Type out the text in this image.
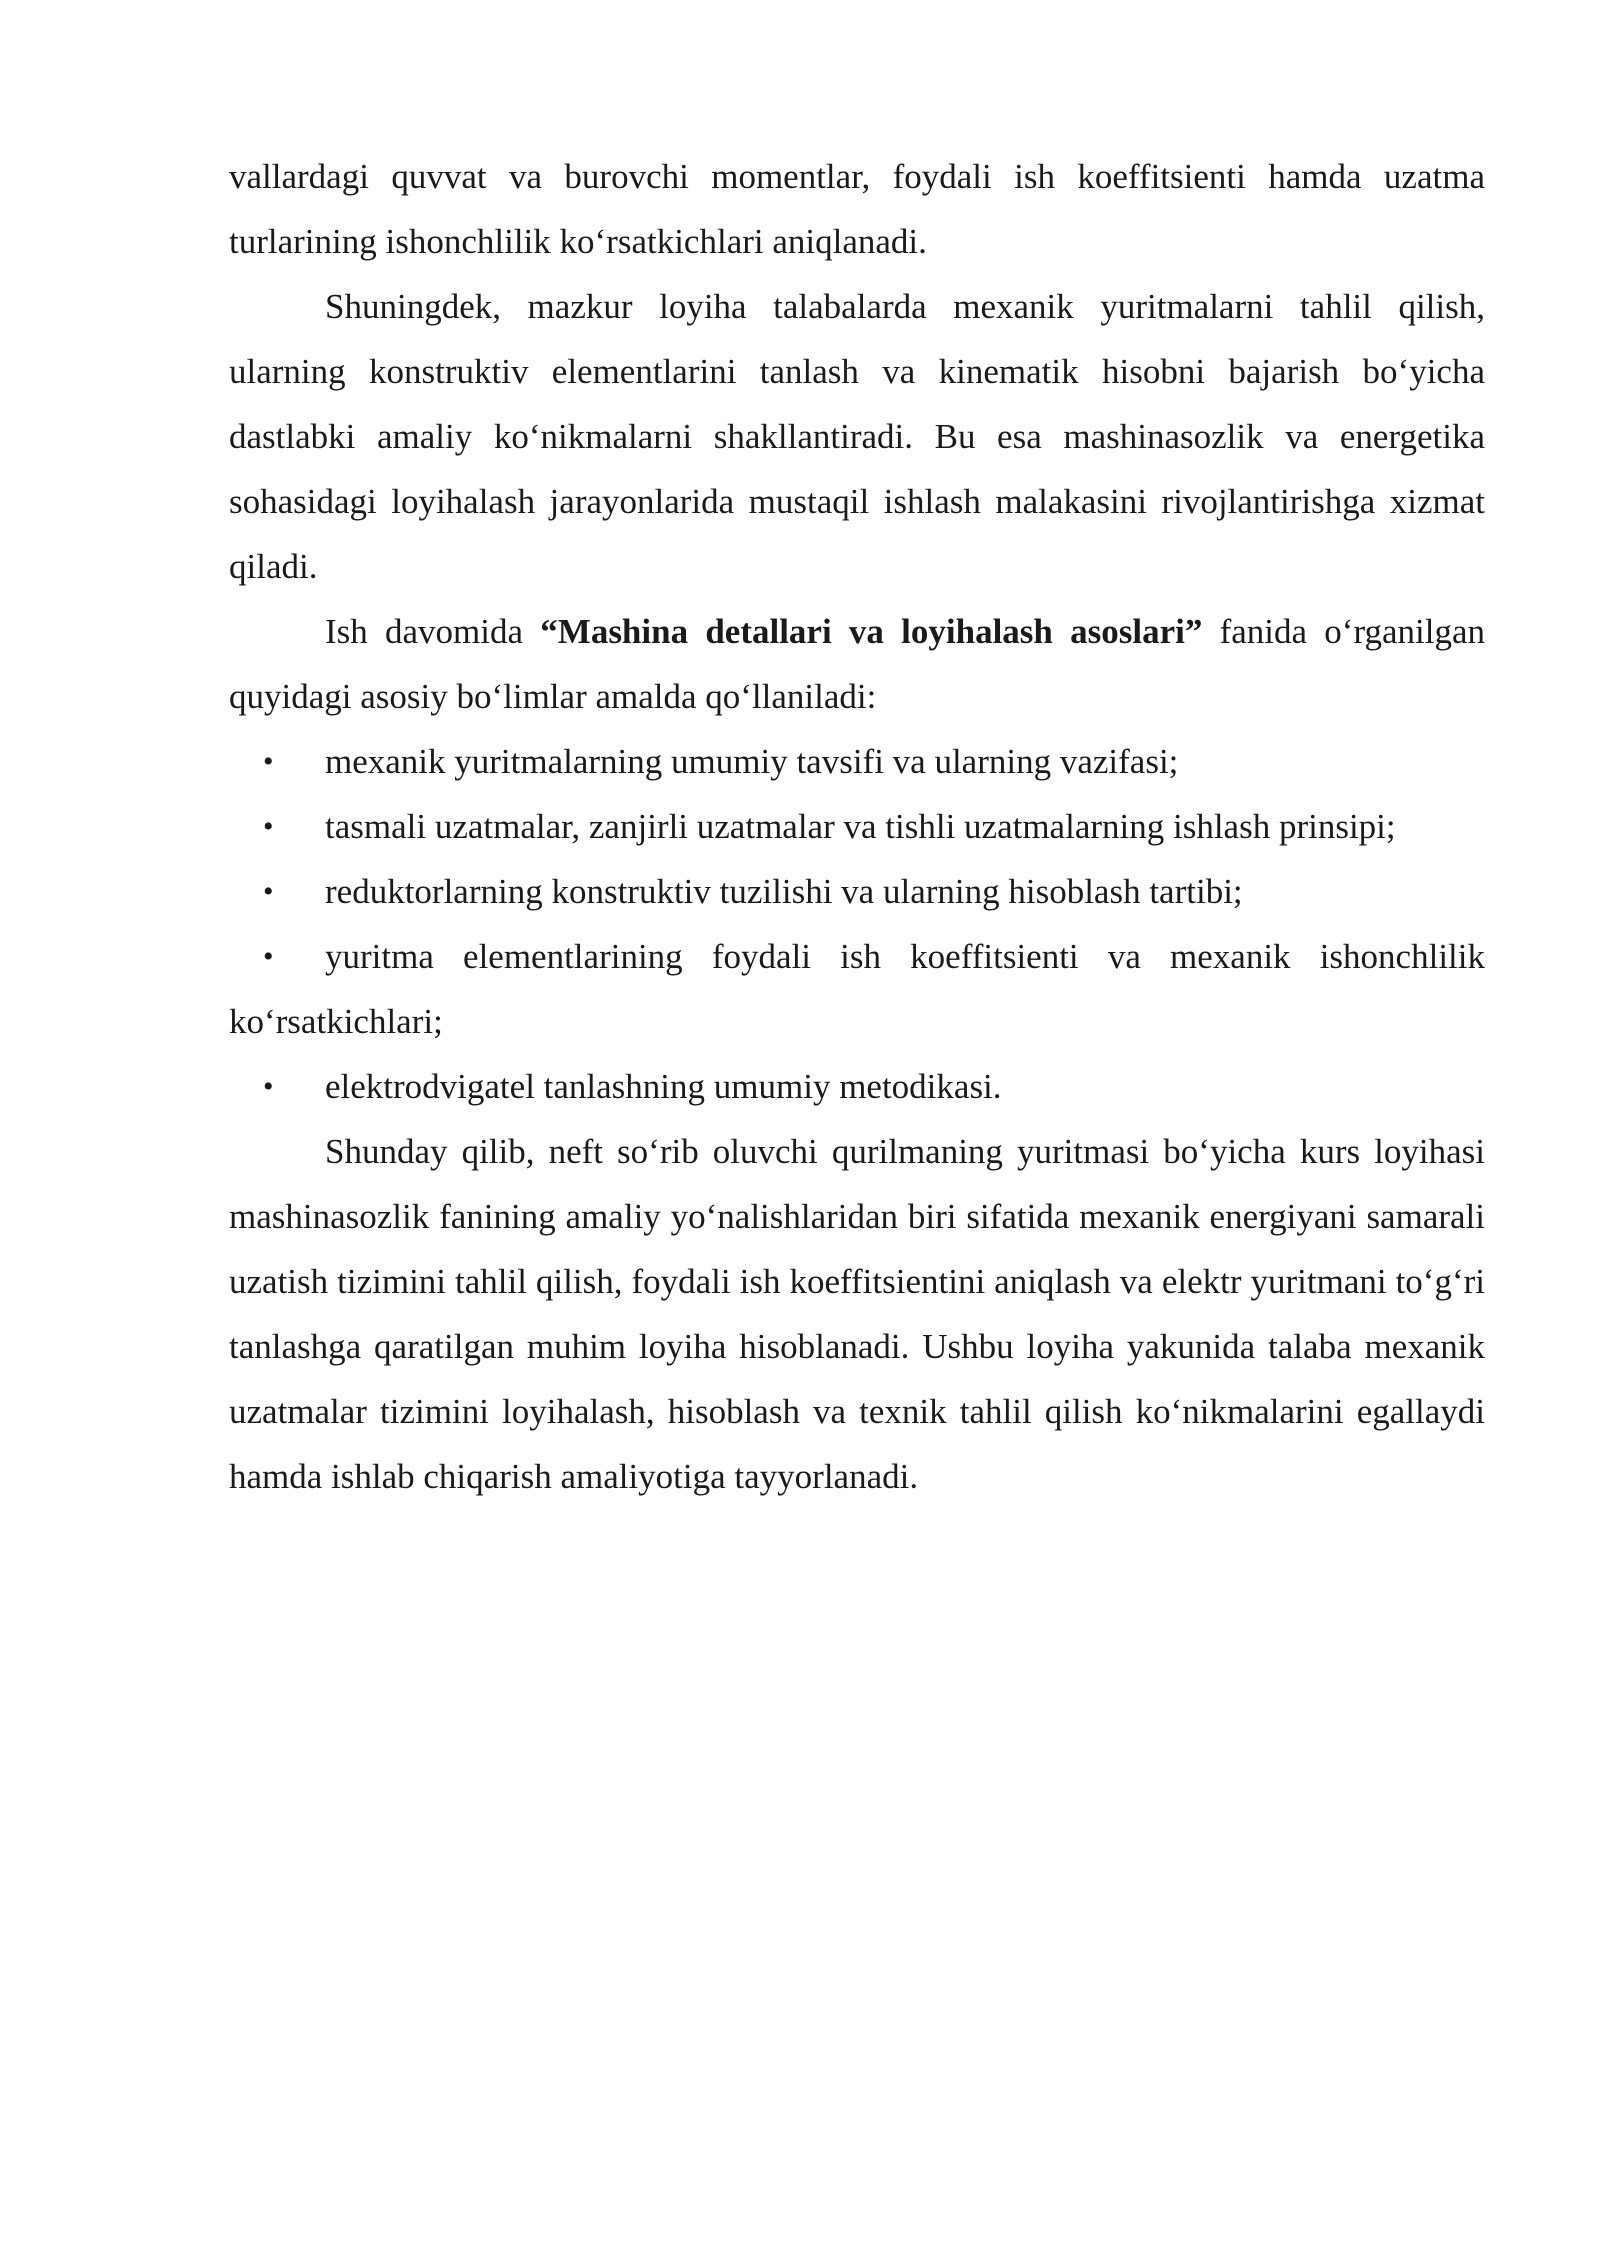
vallardagi quvvat va burovchi momentlar, foydali ish koeffitsienti hamda uzatma turlarining ishonchlilik ko‘rsatkichlari aniqlanadi.

Shuningdek, mazkur loyiha talabalarda mexanik yuritmalarni tahlil qilish, ularning konstruktiv elementlarini tanlash va kinematik hisobni bajarish bo‘yicha dastlabki amaliy ko‘nikmalarni shakllantiradi. Bu esa mashinasozlik va energetika sohasidagi loyihalash jarayonlarida mustaqil ishlash malakasini rivojlantirishga xizmat qiladi.

Ish davomida “Mashina detallari va loyihalash asoslari” fanida o‘rganilgan quyidagi asosiy bo‘limlar amalda qo‘llaniladi:

• mexanik yuritmalarning umumiy tavsifi va ularning vazifasi;
• tasmali uzatmalar, zanjirli uzatmalar va tishli uzatmalarning ishlash prinsipi;
• reduktorlarning konstruktiv tuzilishi va ularning hisoblash tartibi;
• yuritma elementlarining foydali ish koeffitsienti va mexanik ishonchlilik ko‘rsatkichlari;
• elektrodvigatel tanlashning umumiy metodikasi.

Shunday qilib, neft so‘rib oluvchi qurilmaning yuritmasi bo‘yicha kurs loyihasi mashinasozlik fanining amaliy yo‘nalishlaridan biri sifatida mexanik energiyani samarali uzatish tizimini tahlil qilish, foydali ish koeffitsientini aniqlash va elektr yuritmani to‘g‘ri tanlashga qaratilgan muhim loyiha hisoblanadi. Ushbu loyiha yakunida talaba mexanik uzatmalar tizimini loyihalash, hisoblash va texnik tahlil qilish ko‘nikmalarini egallaydi hamda ishlab chiqarish amaliyotiga tayyorlanadi.
